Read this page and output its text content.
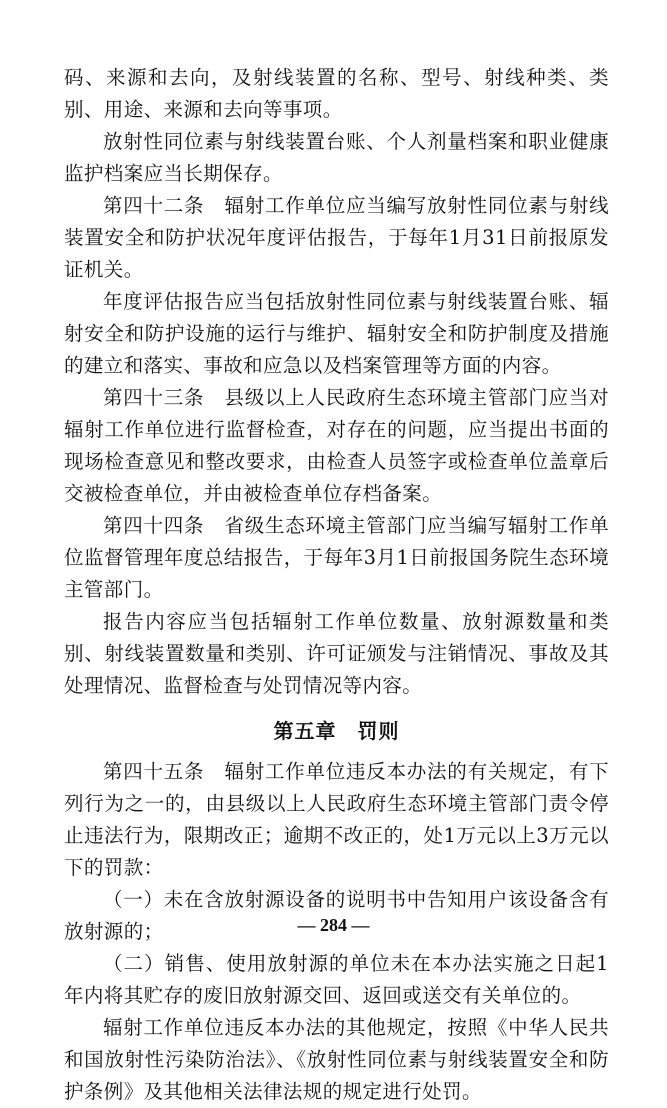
码、来源和去向，及射线装置的名称、型号、射线种类、类别、用途、来源和去向等事项。

放射性同位素与射线装置台账、个人剂量档案和职业健康监护档案应当长期保存。

第四十二条　辐射工作单位应当编写放射性同位素与射线装置安全和防护状况年度评估报告，于每年1月31日前报原发证机关。

年度评估报告应当包括放射性同位素与射线装置台账、辐射安全和防护设施的运行与维护、辐射安全和防护制度及措施的建立和落实、事故和应急以及档案管理等方面的内容。

第四十三条　县级以上人民政府生态环境主管部门应当对辐射工作单位进行监督检查，对存在的问题，应当提出书面的现场检查意见和整改要求，由检查人员签字或检查单位盖章后交被检查单位，并由被检查单位存档备案。

第四十四条　省级生态环境主管部门应当编写辐射工作单位监督管理年度总结报告，于每年3月1日前报国务院生态环境主管部门。

报告内容应当包括辐射工作单位数量、放射源数量和类别、射线装置数量和类别、许可证颁发与注销情况、事故及其处理情况、监督检查与处罚情况等内容。

第五章　罚则

第四十五条　辐射工作单位违反本办法的有关规定，有下列行为之一的，由县级以上人民政府生态环境主管部门责令停止违法行为，限期改正；逾期不改正的，处1万元以上3万元以下的罚款：

（一）未在含放射源设备的说明书中告知用户该设备含有放射源的；

（二）销售、使用放射源的单位未在本办法实施之日起1年内将其贮存的废旧放射源交回、返回或送交有关单位的。

辐射工作单位违反本办法的其他规定，按照《中华人民共和国放射性污染防治法》、《放射性同位素与射线装置安全和防护条例》及其他相关法律法规的规定进行处罚。

— 284 —
